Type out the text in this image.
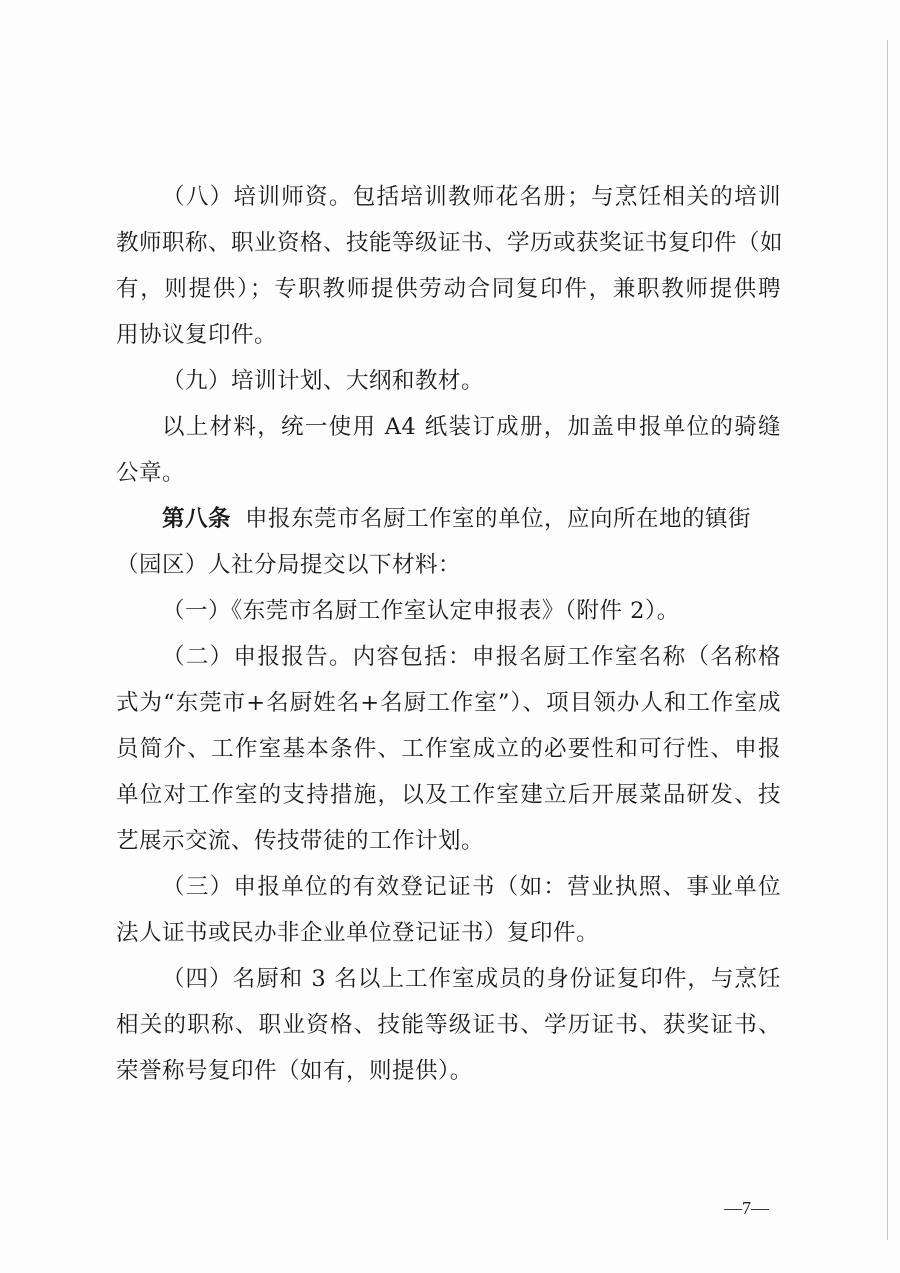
（八）培训师资。包括培训教师花名册；与烹饪相关的培训
教师职称、职业资格、技能等级证书、学历或获奖证书复印件（如
有，则提供）；专职教师提供劳动合同复印件，兼职教师提供聘
用协议复印件。
（九）培训计划、大纲和教材。
以上材料，统一使用 A4 纸装订成册，加盖申报单位的骑缝
公章。
第八条 申报东莞市名厨工作室的单位，应向所在地的镇街
（园区）人社分局提交以下材料：
（一）《东莞市名厨工作室认定申报表》（附件 2）。
（二）申报报告。内容包括：申报名厨工作室名称（名称格
式为“东莞市+名厨姓名+名厨工作室”）、项目领办人和工作室成
员简介、工作室基本条件、工作室成立的必要性和可行性、申报
单位对工作室的支持措施，以及工作室建立后开展菜品研发、技
艺展示交流、传技带徒的工作计划。
（三）申报单位的有效登记证书（如：营业执照、事业单位
法人证书或民办非企业单位登记证书）复印件。
（四）名厨和 3 名以上工作室成员的身份证复印件，与烹饪
相关的职称、职业资格、技能等级证书、学历证书、获奖证书、
荣誉称号复印件（如有，则提供）。
—7—
